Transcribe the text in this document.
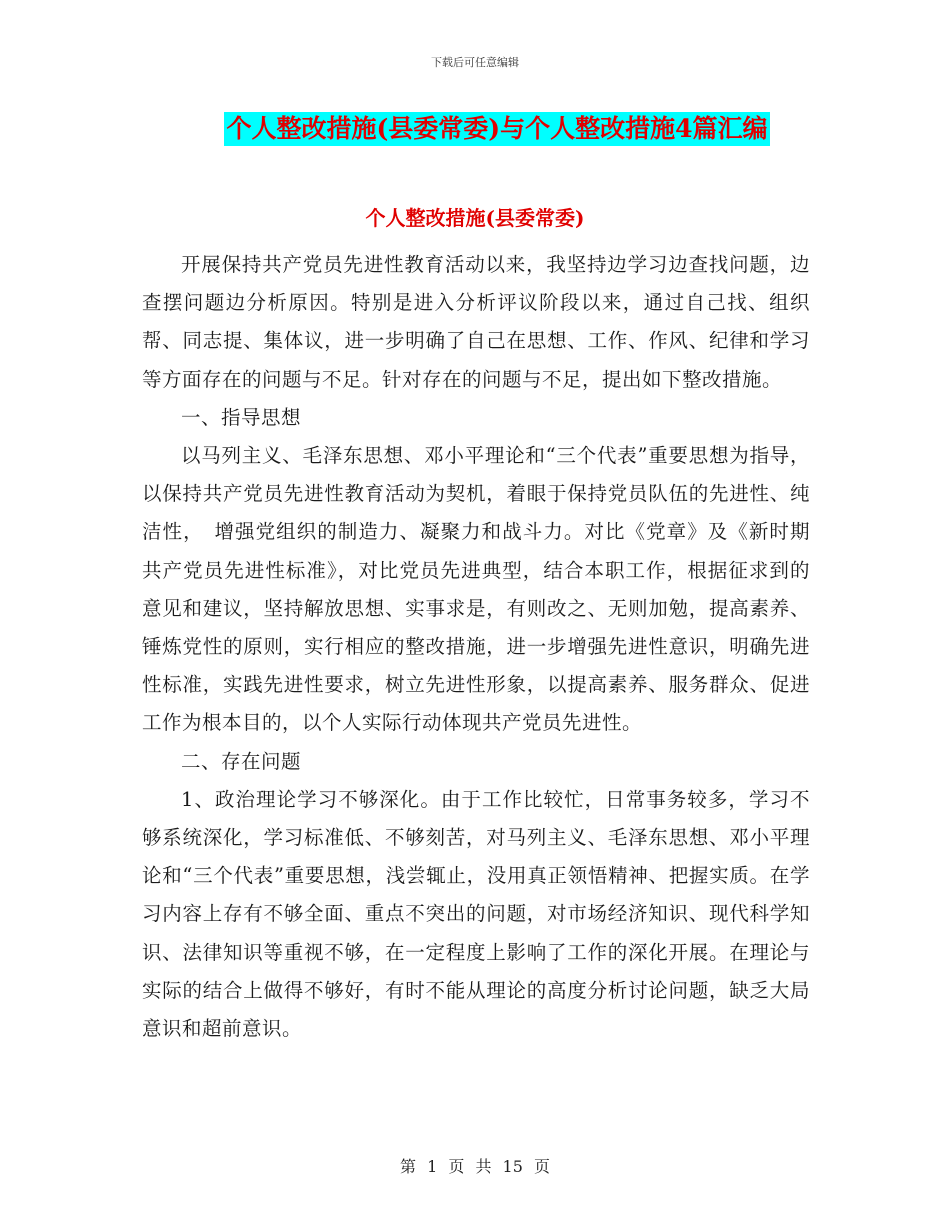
下载后可任意编辑
个人整改措施(县委常委)与个人整改措施4篇汇编
个人整改措施(县委常委)

开展保持共产党员先进性教育活动以来，我坚持边学习边查找问题，边查摆问题边分析原因。特别是进入分析评议阶段以来，通过自己找、组织帮、同志提、集体议，进一步明确了自己在思想、工作、作风、纪律和学习等方面存在的问题与不足。针对存在的问题与不足，提出如下整改措施。

一、指导思想

以马列主义、毛泽东思想、邓小平理论和“三个代表”重要思想为指导，以保持共产党员先进性教育活动为契机，着眼于保持党员队伍的先进性、纯洁性，　增强党组织的制造力、凝聚力和战斗力。对比《党章》及《新时期共产党员先进性标准》，对比党员先进典型，结合本职工作，根据征求到的意见和建议，坚持解放思想、实事求是，有则改之、无则加勉，提高素养、锤炼党性的原则，实行相应的整改措施，进一步增强先进性意识，明确先进性标准，实践先进性要求，树立先进性形象，以提高素养、服务群众、促进工作为根本目的，以个人实际行动体现共产党员先进性。

二、存在问题

1、政治理论学习不够深化。由于工作比较忙，日常事务较多，学习不够系统深化，学习标准低、不够刻苦，对马列主义、毛泽东思想、邓小平理论和“三个代表”重要思想，浅尝辄止，没用真正领悟精神、把握实质。在学习内容上存有不够全面、重点不突出的问题，对市场经济知识、现代科学知识、法律知识等重视不够，在一定程度上影响了工作的深化开展。在理论与实际的结合上做得不够好，有时不能从理论的高度分析讨论问题，缺乏大局意识和超前意识。

第 1 页 共 15 页
